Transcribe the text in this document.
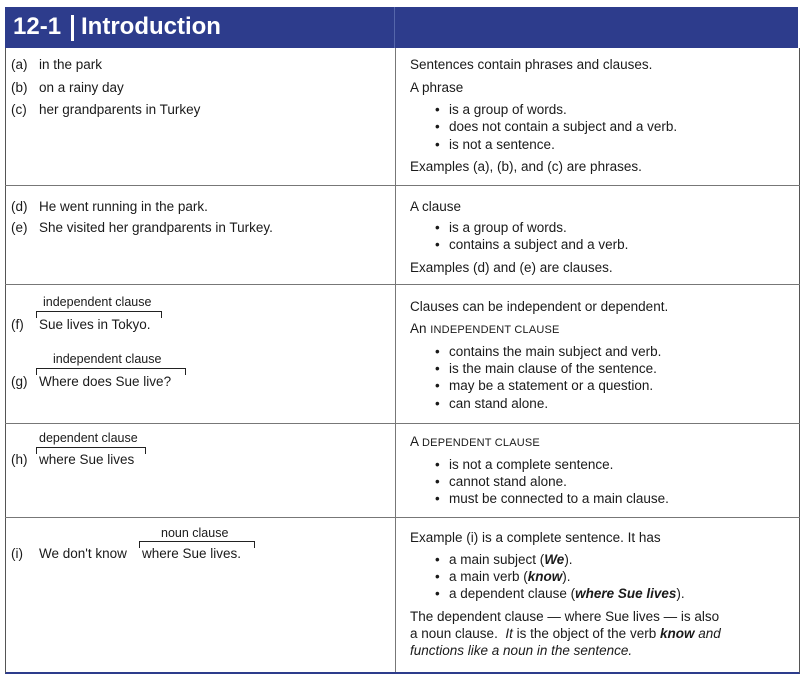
12-1 Introduction
(a) in the park
(b) on a rainy day
(c) her grandparents in Turkey
Sentences contain phrases and clauses.
A phrase
• is a group of words.
• does not contain a subject and a verb.
• is not a sentence.
Examples (a), (b), and (c) are phrases.
(d) He went running in the park.
(e) She visited her grandparents in Turkey.
A clause
• is a group of words.
• contains a subject and a verb.
Examples (d) and (e) are clauses.
independent clause
(f) Sue lives in Tokyo.
independent clause
(g) Where does Sue live?
Clauses can be independent or dependent.
An INDEPENDENT CLAUSE
• contains the main subject and verb.
• is the main clause of the sentence.
• may be a statement or a question.
• can stand alone.
dependent clause
(h) where Sue lives
A DEPENDENT CLAUSE
• is not a complete sentence.
• cannot stand alone.
• must be connected to a main clause.
noun clause
(i) We don't know where Sue lives.
Example (i) is a complete sentence. It has
• a main subject (We).
• a main verb (know).
• a dependent clause (where Sue lives).
The dependent clause — where Sue lives — is also
a noun clause. It is the object of the verb know and
functions like a noun in the sentence.
